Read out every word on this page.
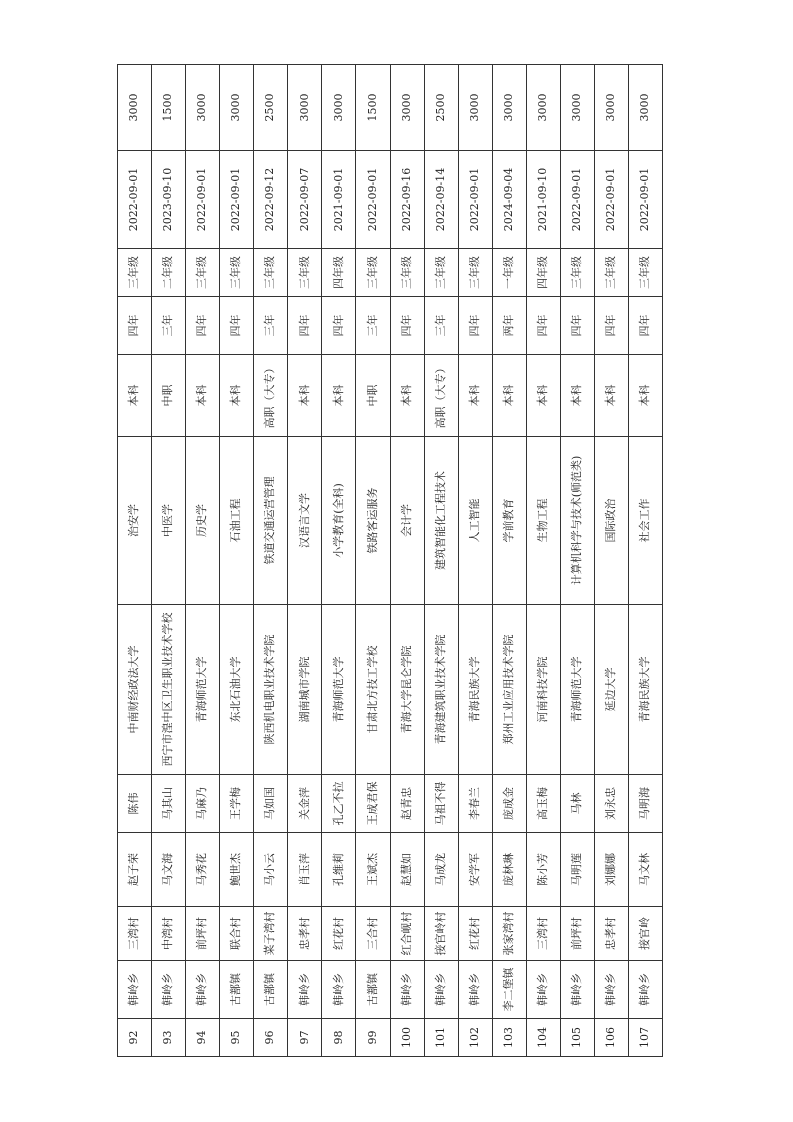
92	韩岭乡	三湾村	赵子荣	陈伟	中南财经政法大学	治安学	本科	四年	三年级	2022-09-01	3000
93	韩岭乡	中湾村	马文海	马其山	西宁市湟中区卫生职业技术学校	中医学	中职	三年	二年级	2023-09-10	1500
94	韩岭乡	前坪村	马秀花	马麻乃	青海师范大学	历史学	本科	四年	三年级	2022-09-01	3000
95	古鄯镇	联合村	鲍世杰	王学梅	东北石油大学	石油工程	本科	四年	三年级	2022-09-01	3000
96	古鄯镇	菜子湾村	马小云	马如国	陕西机电职业技术学院	铁道交通运营管理	高职（大专）	三年	三年级	2022-09-12	2500
97	韩岭乡	忠孝村	肖玉萍	关金萍	湖南城市学院	汉语言文学	本科	四年	三年级	2022-09-07	3000
98	韩岭乡	红花村	孔维莉	孔乙不拉	青海师范大学	小学教育(全科)	本科	四年	四年级	2021-09-01	3000
99	古鄯镇	三合村	王斌杰	王成君保	甘肃北方技工学校	铁路客运服务	中职	三年	三年级	2022-09-01	1500
100	韩岭乡	红合岘村	赵慧如	赵青忠	青海大学昆仑学院	会计学	本科	四年	三年级	2022-09-16	3000
101	韩岭乡	接官岭村	马成龙	马祖不得	青海建筑职业技术学院	建筑智能化工程技术	高职（大专）	三年	三年级	2022-09-14	2500
102	韩岭乡	红花村	安学军	李春兰	青海民族大学	人工智能	本科	四年	三年级	2022-09-01	3000
103	李二堡镇	张家湾村	庞林琳	庞成金	郑州工业应用技术学院	学前教育	本科	两年	一年级	2024-09-04	3000
104	韩岭乡	三湾村	陈小芳	高玉梅	河南科技学院	生物工程	本科	四年	四年级	2021-09-10	3000
105	韩岭乡	前坪村	马明莲	马林	青海师范大学	计算机科学与技术(师范类)	本科	四年	三年级	2022-09-01	3000
106	韩岭乡	忠孝村	刘娜娜	刘永忠	延边大学	国际政治	本科	四年	三年级	2022-09-01	3000
107	韩岭乡	接官岭	马文林	马明海	青海民族大学	社会工作	本科	四年	三年级	2022-09-01	3000
